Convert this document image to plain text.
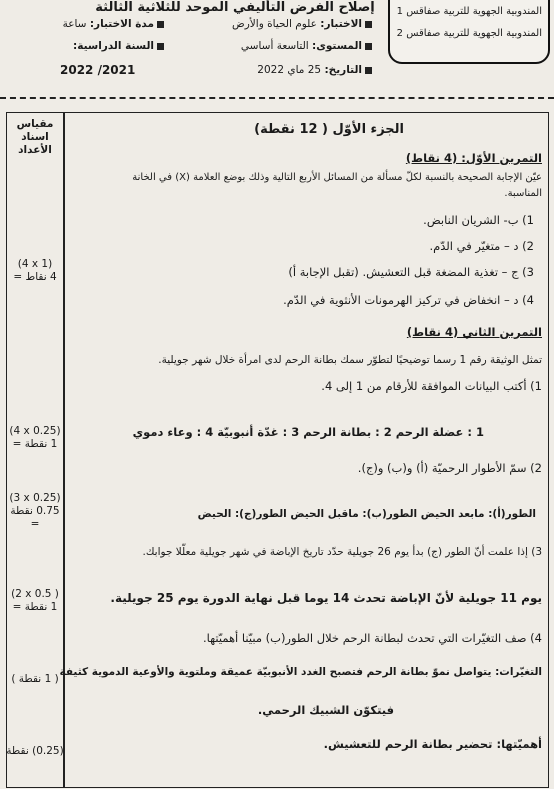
إصلاح الفرض التأليفي الموحد للثلاثية الثالثة	المندوبية الجهوية للتربية صفاقس 1
المندوبية الجهوية للتربية صفاقس 2
الاختبار: علوم الحياة والأرض
المستوى: التاسعة أساسي
التاريخ: 25 ماي 2022
مدة الاختبار: ساعة
السنة الدراسية:
2022 /2021
مقياس
اسناد
الأعداد
(4 x 1)
4 نقاط =
(4 x 0.25)
1 نقطة =
(3 x 0.25)
0.75 نقطة =
(2 x 0.5 )
1 نقطة =
( 1 نقطة )
(0.25) نقطة
الجزء الأوّل ( 12 نقطة)
التمرين الأوّل: (4 نقاط)
عيّن الإجابة الصحيحة بالنسبة لكلّ مسألة من المسائل الأربع التالية وذلك بوضع العلامة (X) في الخانة
المناسبة.
1) ب- الشريان النابض.
2) د – متغيّر في الدّم.
3) ج – تغذية المضغة قبل التعشيش. (تقبل الإجابة أ)
4) د – انخفاض في تركيز الهرمونات الأنثوية في الدّم.
التمرين الثاني (4 نقاط)
تمثل الوثيقة رقم 1 رسما توضيحيًا لتطوّر سمك بطانة الرحم لدى امرأة خلال شهر جويلية.
1) أكتب البيانات الموافقة للأرقام من 1 إلى 4.
1 : عضلة الرحم 2 : بطانة الرحم 3 : غدّة أنبوبيّة 4 : وعاء دموي
2) سمّ الأطوار الرحميّة (أ) و(ب) و(ج).
الطور(أ): مابعد الحيض الطور(ب): ماقبل الحيض الطور(ج): الحيض
3) إذا علمت أنّ الطور (ج) بدأ يوم 26 جويلية حدّد تاريخ الإباضة في شهر جويلية معلّلا جوابك.
يوم 11 جويلية لأنّ الإباضة تحدث 14 يوما قبل نهاية الدورة يوم 25 جويلية.
4) صف التغيّرات التي تحدث لبطانة الرحم خلال الطور(ب) مبيّنا أهميّتها.
التغيّرات: يتواصل نموّ بطانة الرحم فتصبح الغدد الأنبوبيّة عميقة وملتوية والأوعية الدموية كثيفة
فيتكوّن الشبيك الرحمي.
أهميّتها: تحضير بطانة الرحم للتعشيش.
